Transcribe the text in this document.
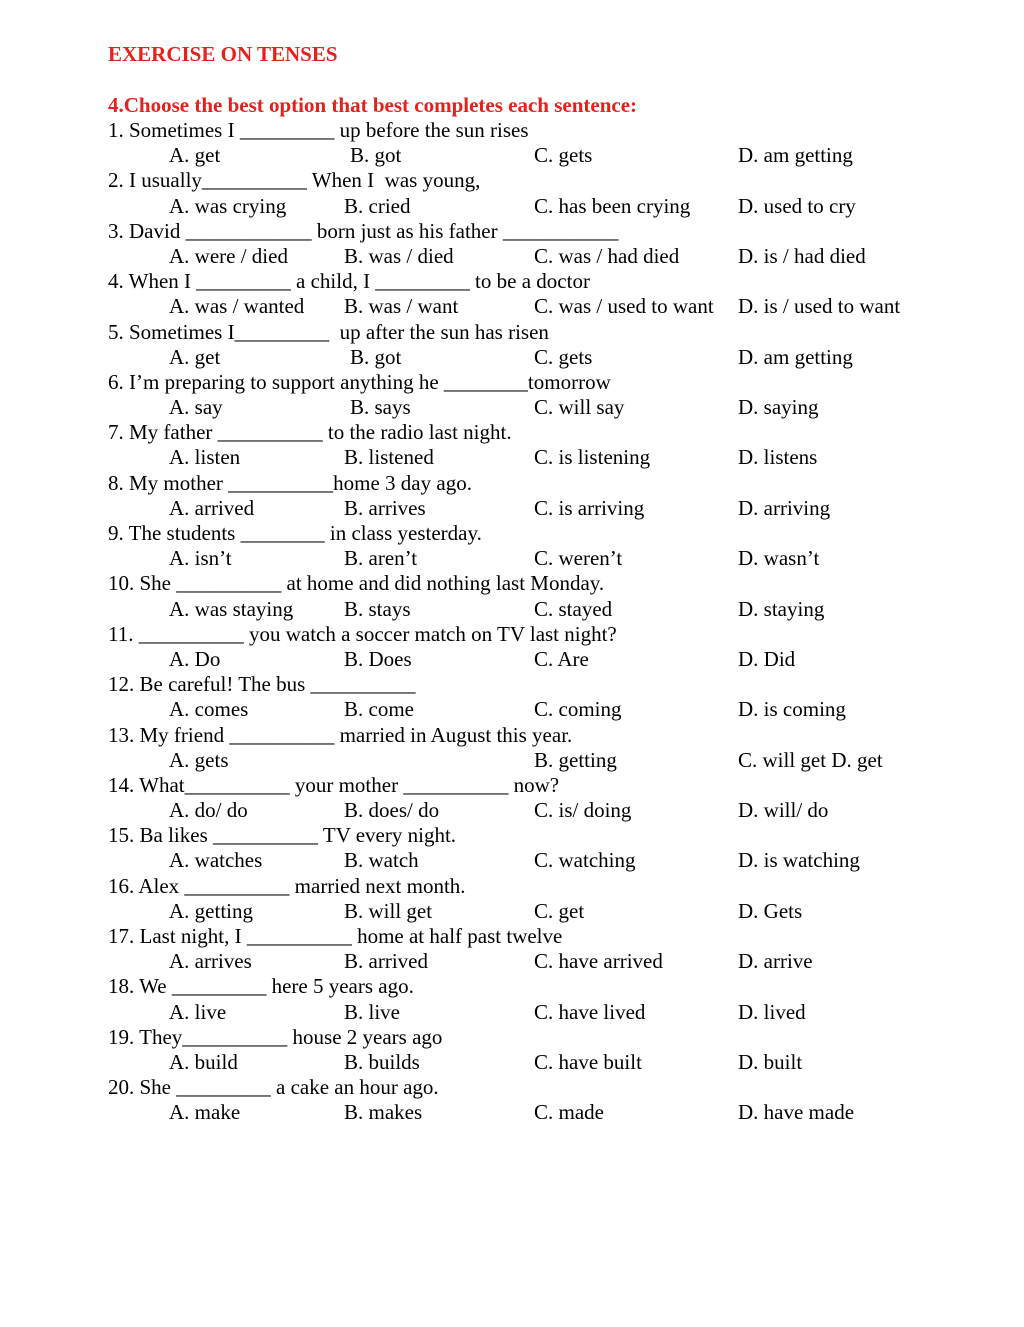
EXERCISE ON TENSES
4.Choose the best option that best completes each sentence:
1. Sometimes I _________ up before the sun rises
A. get	B. got	C. gets	D. am getting
2. I usually__________ When I  was young,
A. was crying	B. cried	C. has been crying D. used to cry
3. David ____________ born just as his father ___________
A. were / died	B. was / died	C. was / had died	D. is / had died
4. When I _________ a child, I _________ to be a doctor
A. was / wanted B. was / want	C. was / used to want D. is / used to want
5. Sometimes I_________  up after the sun has risen
A. get	B. got	C. gets	D. am getting
6. I’m preparing to support anything he ________tomorrow
A. say	B. says	C. will say	D. saying
7. My father __________ to the radio last night.
A. listen	B. listened	C. is listening	D. listens
8. My mother __________home 3 day ago.
A. arrived	B. arrives	C. is arriving	D. arriving
9. The students ________ in class yesterday.
A. isn’t	B. aren’t	C. weren’t	D. wasn’t
10. She __________ at home and did nothing last Monday.
A. was staying B. stays	C. stayed	D. staying
11. __________ you watch a soccer match on TV last night?
A. Do	B. Does	C. Are	D. Did
12. Be careful! The bus __________
A. comes	B. come	C. coming	D. is coming
13. My friend __________ married in August this year.
A. gets	B. getting	C. will get D. get
14. What__________ your mother __________ now?
A. do/ do	B. does/ do	C. is/ doing	D. will/ do
15. Ba likes __________ TV every night.
A. watches	B. watch	C. watching	D. is watching
16. Alex __________ married next month.
A. getting	B. will get	C. get	D. Gets
17. Last night, I __________ home at half past twelve
A. arrives	B. arrived	C. have arrived	D. arrive
18. We _________ here 5 years ago.
A. live	B. live	C. have lived	D. lived
19. They__________ house 2 years ago
A. build	B. builds	C. have built	D. built
20. She _________ a cake an hour ago.
A. make	B. makes	C. made	D. have made
